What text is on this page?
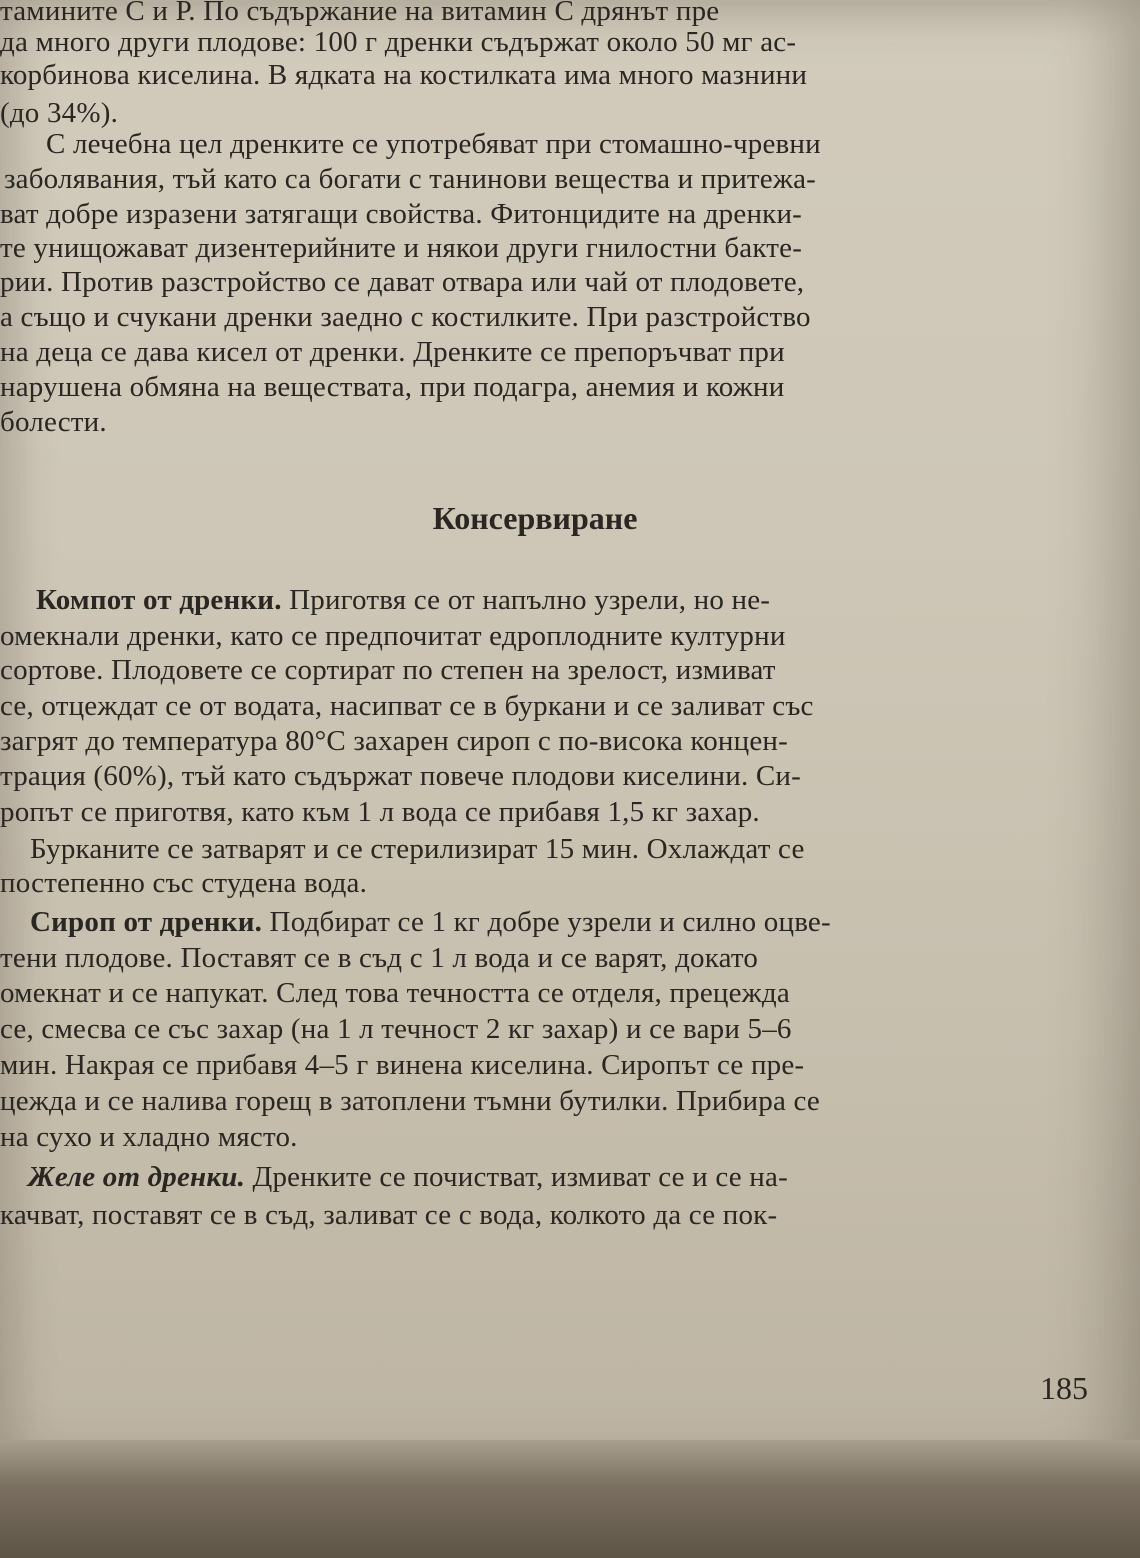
тамините С и Р. По съдържание на витамин С дрянът пре
да много други плодове: 100 г дренки съдържат около 50 мг ас-
корбинова киселина. В ядката на костилката има много мазнини
(до 34%).
С лечебна цел дренките се употребяват при стомашно-чревни
заболявания, тъй като са богати с танинови вещества и притежа-
ват добре изразени затягащи свойства. Фитонцидите на дренки-
те унищожават дизентерийните и някои други гнилостни бакте-
рии. Против разстройство се дават отвара или чай от плодовете,
а също и счукани дренки заедно с костилките. При разстройство
на деца се дава кисел от дренки. Дренките се препоръчват при
нарушена обмяна на веществата, при подагра, анемия и кожни
болести.
Консервиране
Компот от дренки. Приготвя се от напълно узрели, но не-
омекнали дренки, като се предпочитат едроплодните културни
сортове. Плодовете се сортират по степен на зрелост, измиват
се, отцеждат се от водата, насипват се в буркани и се заливат със
загрят до температура 80°С захарен сироп с по-висока концен-
трация (60%), тъй като съдържат повече плодови киселини. Си-
ропът се приготвя, като към 1 л вода се прибавя 1,5 кг захар.
Бурканите се затварят и се стерилизират 15 мин. Охлаждат се
постепенно със студена вода.
Сироп от дренки. Подбират се 1 кг добре узрели и силно оцве-
тени плодове. Поставят се в съд с 1 л вода и се варят, докато
омекнат и се напукат. След това течността се отделя, прецежда
се, смесва се със захар (на 1 л течност 2 кг захар) и се вари 5–6
мин. Накрая се прибавя 4–5 г винена киселина. Сиропът се пре-
цежда и се налива горещ в затоплени тъмни бутилки. Прибира се
на сухо и хладно място.
Желе от дренки. Дренките се почистват, измиват се и се на-
качват, поставят се в съд, заливат се с вода, колкото да се пок-
185
